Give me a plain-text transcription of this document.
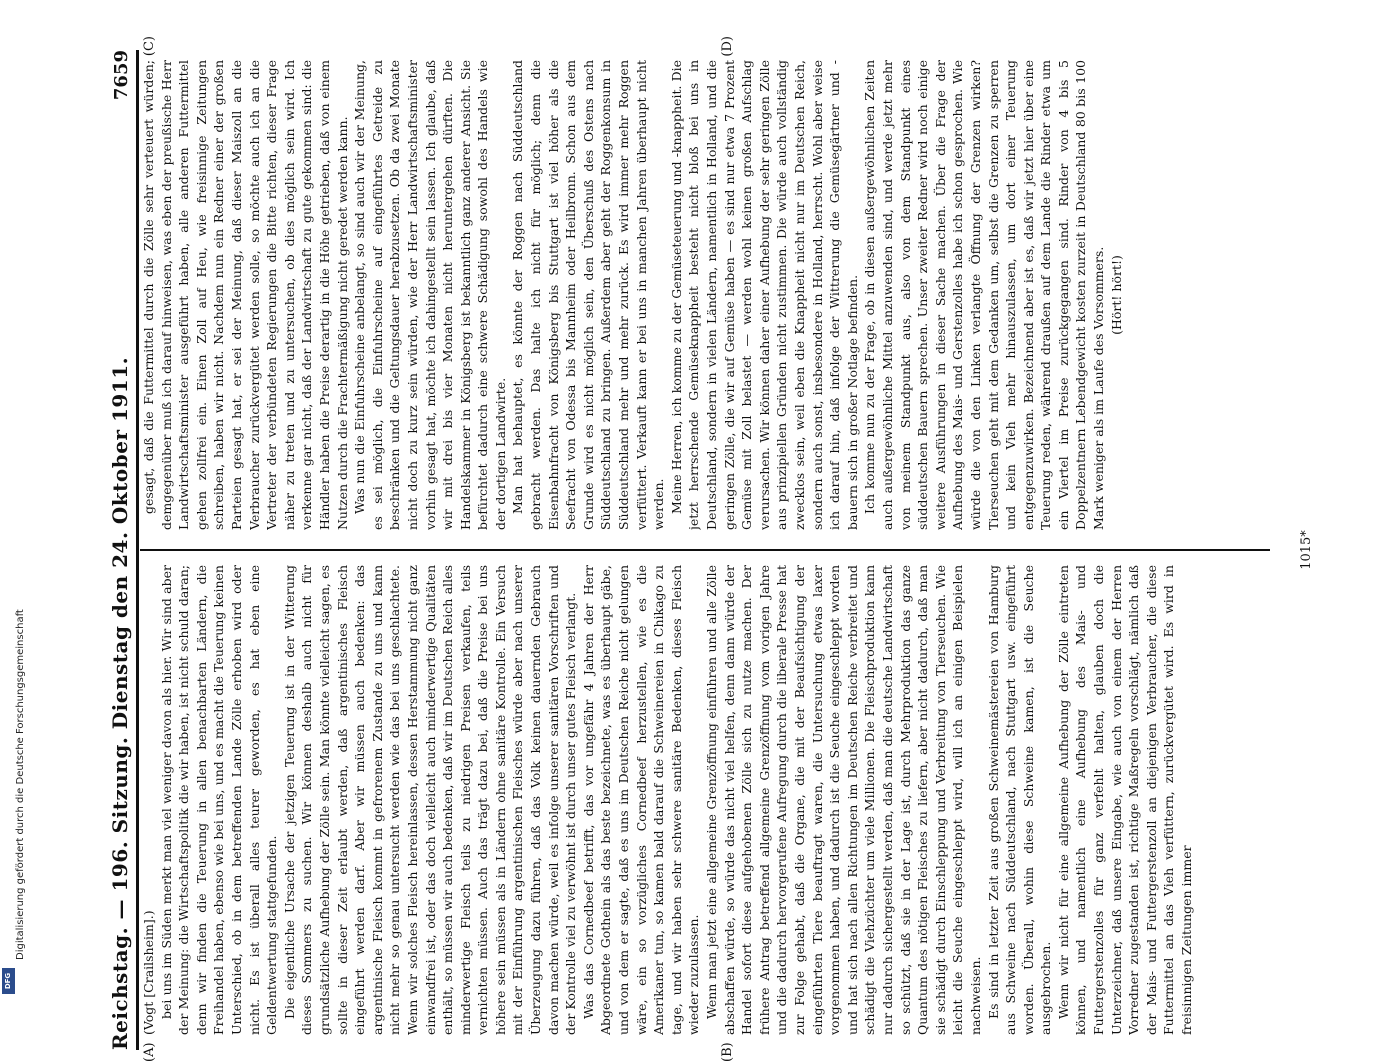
Digitalisierung gefördert durch die Deutsche Forschungsgemeinschaft
DFG	Reichstag. — 196. Sitzung. Dienstag den 24. Oktober 1911.
7659
(A)	(B)
(C)	(D)

(Vogt [Crailsheim].) bei uns im Süden merkt man viel weniger davon als hier. Wir sind aber der Meinung: die Wirtschaftspolitik die wir haben, ist nicht schuld daran; denn wir finden die Teuerung in allen benachbarten Ländern, die Freihandel haben, ebenso wie bei uns, und es macht die Teuerung keinen Unterschied, ob in dem betreffenden Lande Zölle erhoben wird oder nicht. Es ist überall alles teurer geworden, es hat eben eine Geldentwertung stattgefunden. Die eigentliche Ursache der jetzigen Teuerung ist in der Witterung dieses Sommers zu suchen. Wir können deshalb auch nicht für grundsätzliche Aufhebung der Zölle sein. Man könnte vielleicht sagen, es sollte in dieser Zeit erlaubt werden, daß argentinisches Fleisch eingeführt werden darf. Aber wir müssen auch bedenken: das argentinische Fleisch kommt in gefrorenem Zustande zu uns und kann nicht mehr so genau untersucht werden wie das bei uns geschlachtete. Wenn wir solches Fleisch hereinlassen, dessen Herstammung nicht ganz einwandfrei ist, oder das doch vielleicht auch minderwertige Qualitäten enthält, so müssen wir auch bedenken, daß wir im Deutschen Reich alles minderwertige Fleisch teils zu niedrigen Preisen verkaufen, teils vernichten müssen. Auch das trägt dazu bei, daß die Preise bei uns höhere sein müssen als in Ländern ohne sanitäre Kontrolle. Ein Versuch mit der Einführung argentinischen Fleisches würde aber nach unserer Überzeugung dazu führen, daß das Volk keinen dauernden Gebrauch davon machen würde, weil es infolge unserer sanitären Vorschriften und der Kontrolle viel zu verwöhnt ist durch unser gutes Fleisch verlangt. Was das Cornedbeef betrifft, das vor ungefähr 4 Jahren der Herr Abgeordnete Gothein als das beste bezeichnete, was es überhaupt gäbe, und von dem er sagte, daß es uns im Deutschen Reiche nicht gelungen wäre, ein so vorzügliches Cornedbeef herzustellen, wie es die Amerikaner tun, so kamen bald darauf die Schweinereien in Chikago zu tage, und wir haben sehr schwere sanitäre Bedenken, dieses Fleisch wieder zuzulassen. Wenn man jetzt eine allgemeine Grenzöffnung einführen und alle Zölle abschaffen würde, so würde das nicht viel helfen, denn dann würde der Handel sofort diese aufgehobenen Zölle sich zu nutze machen. Der frühere Antrag betreffend allgemeine Grenzöffnung vom vorigen Jahre und die dadurch hervorgerufene Aufregung durch die liberale Presse hat zur Folge gehabt, daß die Organe, die mit der Beaufsichtigung der eingeführten Tiere beauftragt waren, die Untersuchung etwas laxer vorgenommen haben, und dadurch ist die Seuche eingeschleppt worden und hat sich nach allen Richtungen im Deutschen Reiche verbreitet und schädigt die Viehzüchter um viele Millionen. Die Fleischproduktion kann nur dadurch sichergestellt werden, daß man die deutsche Landwirtschaft so schützt, daß sie in der Lage ist, durch Mehrproduktion das ganze Quantum des nötigen Fleisches zu liefern, aber nicht dadurch, daß man sie schädigt durch Einschleppung und Verbreitung von Tierseuchen. Wie leicht die Seuche eingeschleppt wird, will ich an einigen Beispielen nachweisen. Es sind in letzter Zeit aus großen Schweinemästereien von Hamburg aus Schweine nach Süddeutschland, nach Stuttgart usw. eingeführt worden. Überall, wohin diese Schweine kamen, ist die Seuche ausgebrochen. Wenn wir nicht für eine allgemeine Aufhebung der Zölle eintreten können, und namentlich eine Aufhebung des Mais- und Futtergerstenzolles für ganz verfehlt halten, glauben doch die Unterzeichner, daß unsere Eingabe, wie auch von einem der Herren Vorredner zugestanden ist, richtige Maßregeln vorschlägt, nämlich daß der Mais- und Futtergerstenzoll an diejenigen Verbraucher, die diese Futtermittel an das Vieh verfüttern, zurückvergütet wird. Es wird in freisinnigen Zeitungen immer

gesagt, daß die Futtermittel durch die Zölle sehr verteuert würden; demgegenüber muß ich darauf hinweisen, was eben der preußische Herr Landwirtschaftsminister ausgeführt haben, alle anderen Futtermittel gehen zollfrei ein. Einen Zoll auf Heu, wie freisinnige Zeitungen schreiben, haben wir nicht. Nachdem nun ein Redner einer der großen Parteien gesagt hat, er sei der Meinung, daß dieser Maiszoll an die Verbraucher zurückvergütet werden solle, so möchte auch ich an die Vertreter der verbündeten Regierungen die Bitte richten, dieser Frage näher zu treten und zu untersuchen, ob dies möglich sein wird. Ich verkenne gar nicht, daß der Landwirtschaft zu gute gekommen sind: die Händler haben die Preise derartig in die Höhe getrieben, daß von einem Nutzen durch die Frachtermäßigung nicht geredet werden kann. Was nun die Einfuhrscheine anbelangt, so sind auch wir der Meinung, es sei möglich, die Einfuhrscheine auf eingeführtes Getreide zu beschränken und die Geltungsdauer herabzusetzen. Ob da zwei Monate nicht doch zu kurz sein würden, wie der Herr Landwirtschaftsminister vorhin gesagt hat, möchte ich dahingestellt sein lassen. Ich glaube, daß wir mit drei bis vier Monaten nicht heruntergehen dürften. Die Handelskammer in Königsberg ist bekanntlich ganz anderer Ansicht. Sie befürchtet dadurch eine schwere Schädigung sowohl des Handels wie der dortigen Landwirte. Man hat behauptet, es könnte der Roggen nach Süddeutschland gebracht werden. Das halte ich nicht für möglich; denn die Eisenbahnfracht von Königsberg bis Stuttgart ist viel höher als die Seefracht von Odessa bis Mannheim oder Heilbronn. Schon aus dem Grunde wird es nicht möglich sein, den Überschuß des Ostens nach Süddeutschland zu bringen. Außerdem aber geht der Roggenkonsum in Süddeutschland mehr und mehr zurück. Es wird immer mehr Roggen verfüttert. Verkauft kann er bei uns in manchen Jahren überhaupt nicht werden. Meine Herren, ich komme zu der Gemüseteuerung und -knappheit. Die jetzt herrschende Gemüseknappheit besteht nicht bloß bei uns in Deutschland, sondern in vielen Ländern, namentlich in Holland, und die geringen Zölle, die wir auf Gemüse haben — es sind nur etwa 7 Prozent Gemüse mit Zoll belastet — werden wohl keinen großen Aufschlag verursachen. Wir können daher einer Aufhebung der sehr geringen Zölle aus prinzipiellen Gründen nicht zustimmen. Die würde auch vollständig zwecklos sein, weil eben die Knappheit nicht nur im Deutschen Reich, sondern auch sonst, insbesondere in Holland, herrscht. Wohl aber weise ich darauf hin, daß infolge der Wittrerung die Gemüsegärtner und -bauern sich in großer Notlage befinden. Ich komme nun zu der Frage, ob in diesen außergewöhnlichen Zeiten auch außergewöhnliche Mittel anzuwenden sind, und werde jetzt mehr von meinem Standpunkt aus, also von dem Standpunkt eines süddeutschen Bauern sprechen. Unser zweiter Redner wird noch einige weitere Ausführungen in dieser Sache machen. Über die Frage der Aufhebung des Mais- und Gerstenzolles habe ich schon gesprochen. Wie würde die von den Linken verlangte Öffnung der Grenzen wirken? Tierseuchen geht mit dem Gedanken um, selbst die Grenzen zu sperren und kein Vieh mehr hinauszulassen, um dort einer Teuerung entgegenzuwirken. Bezeichnend aber ist es, daß wir jetzt hier über eine Teuerung reden, während draußen auf dem Lande die Rinder etwa um ein Viertel im Preise zurückgegangen sind. Rinder von 4 bis 5 Doppelzentnern Lebendgewicht kosten zurzeit in Deutschland 80 bis 100 Mark weniger als im Laufe des Vorsommers. (Hört! hört!)

1015*
